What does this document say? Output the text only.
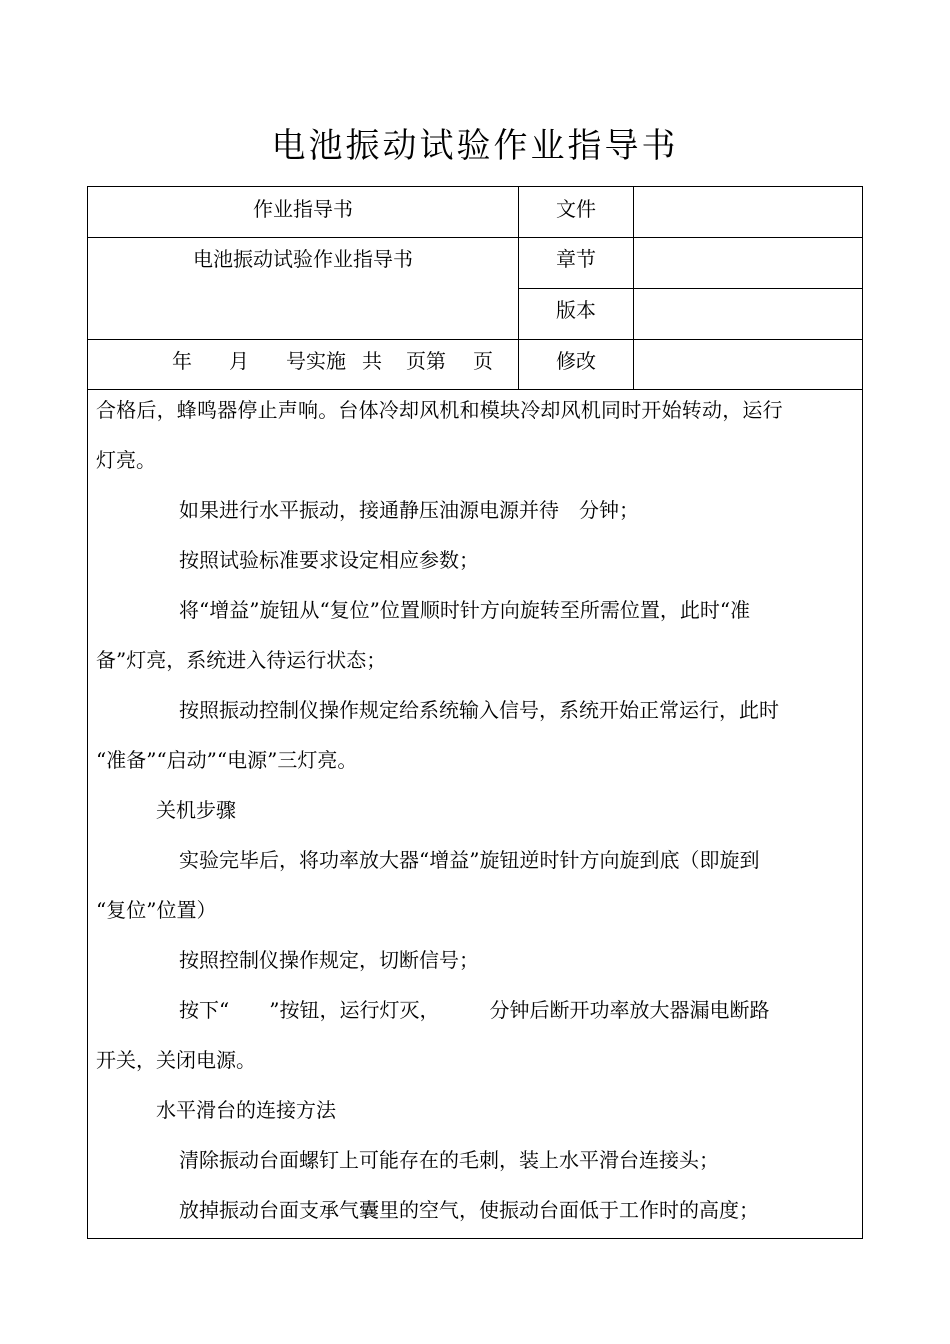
电池振动试验作业指导书
作业指导书
电池振动试验作业指导书
年 月 号实施 共 页第 页
文件
章节
版本
修改
合格后，蜂鸣器停止声响。台体冷却风机和模块冷却风机同时开始转动，运行
灯亮。
如果进行水平振动，接通静压油源电源并待　分钟；
按照试验标准要求设定相应参数；
将“增益”旋钮从“复位”位置顺时针方向旋转至所需位置，此时“准
备”灯亮，系统进入待运行状态；
按照振动控制仪操作规定给系统输入信号，系统开始正常运行，此时
“准备”“启动”“电源”三灯亮。
关机步骤
实验完毕后，将功率放大器“增益”旋钮逆时针方向旋到底（即旋到
“复位”位置）
按照控制仪操作规定，切断信号；
按下“　　”按钮，运行灯灭，　　　分钟后断开功率放大器漏电断路
开关，关闭电源。
水平滑台的连接方法
清除振动台面螺钉上可能存在的毛刺，装上水平滑台连接头；
放掉振动台面支承气囊里的空气，使振动台面低于工作时的高度；
